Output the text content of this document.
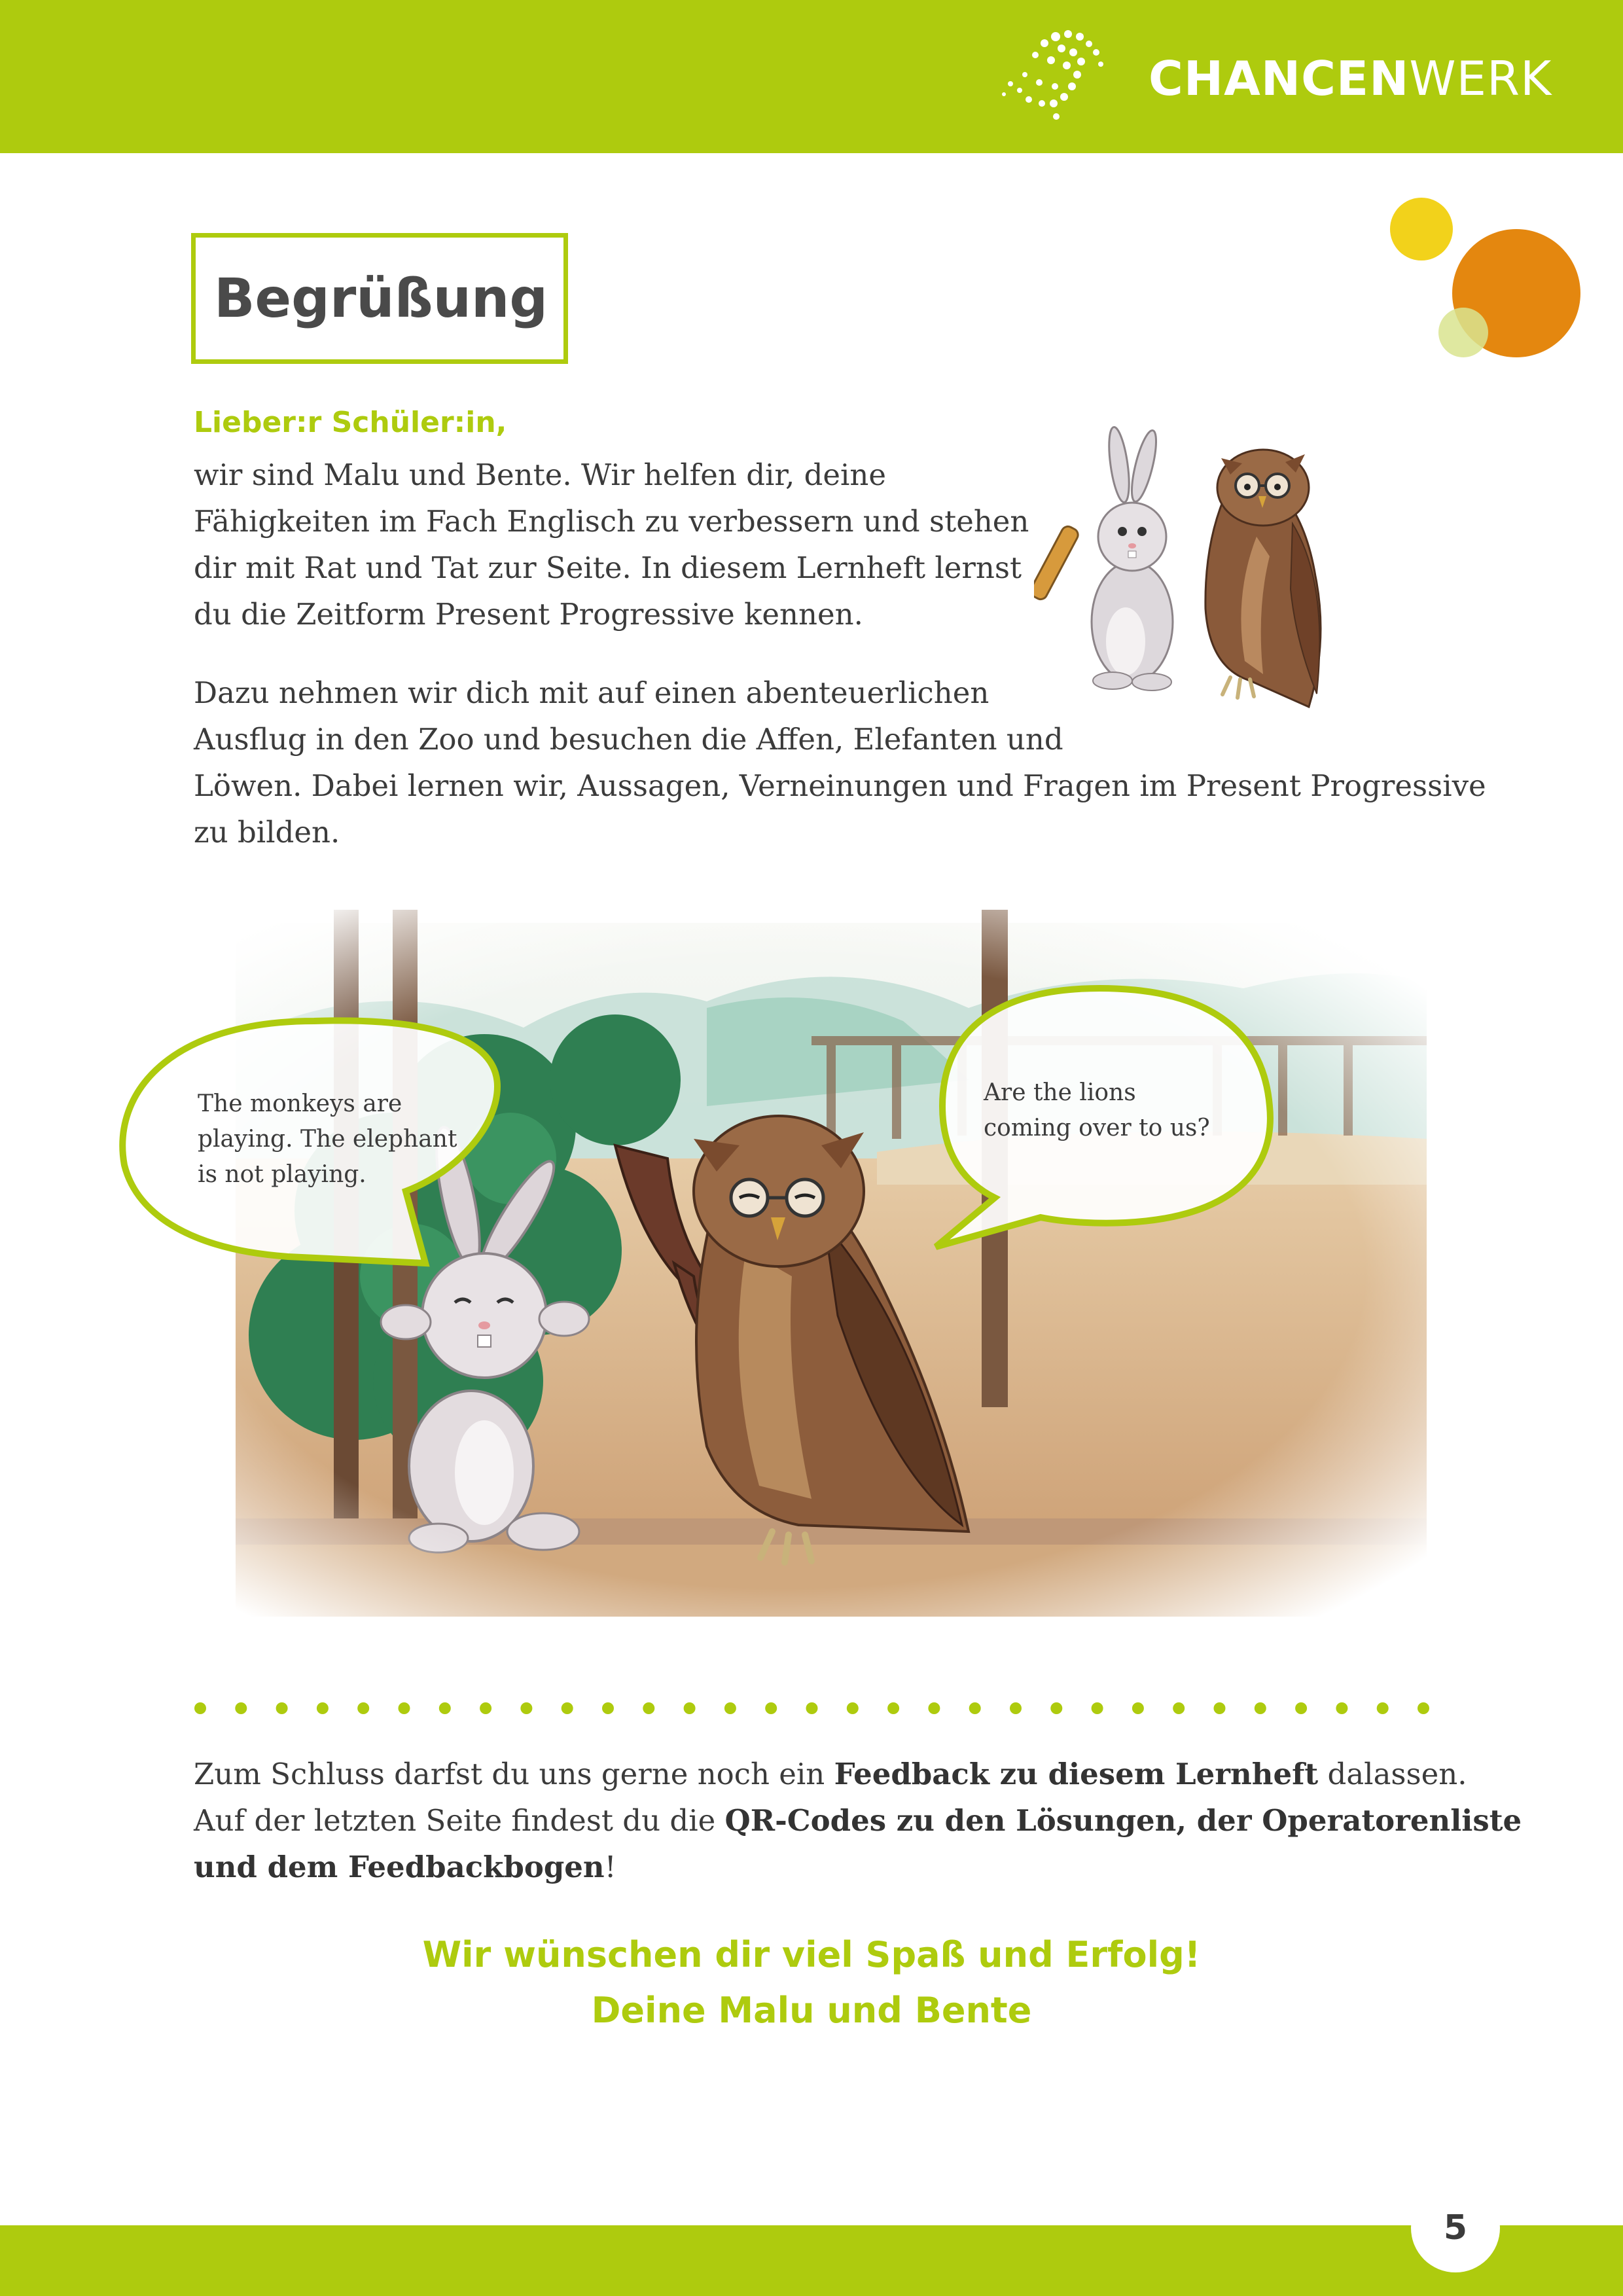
CHANCENWERK
Begrüßung
Lieber:r Schüler:in,
wir sind Malu und Bente. Wir helfen dir, deine
Fähigkeiten im Fach Englisch zu verbessern und stehen
dir mit Rat und Tat zur Seite. In diesem Lernheft lernst
du die Zeitform Present Progressive kennen.
Dazu nehmen wir dich mit auf einen abenteuerlichen
Ausflug in den Zoo und besuchen die Affen, Elefanten und
Löwen. Dabei lernen wir, Aussagen, Verneinungen und Fragen im Present Progressive
zu bilden.
The monkeys are
playing. The elephant
is not playing.
Are the lions
coming over to us?
Zum Schluss darfst du uns gerne noch ein Feedback zu diesem Lernheft dalassen.
Auf der letzten Seite findest du die QR-Codes zu den Lösungen, der Operatorenliste
und dem Feedbackbogen!
Wir wünschen dir viel Spaß und Erfolg!
Deine Malu und Bente
5
